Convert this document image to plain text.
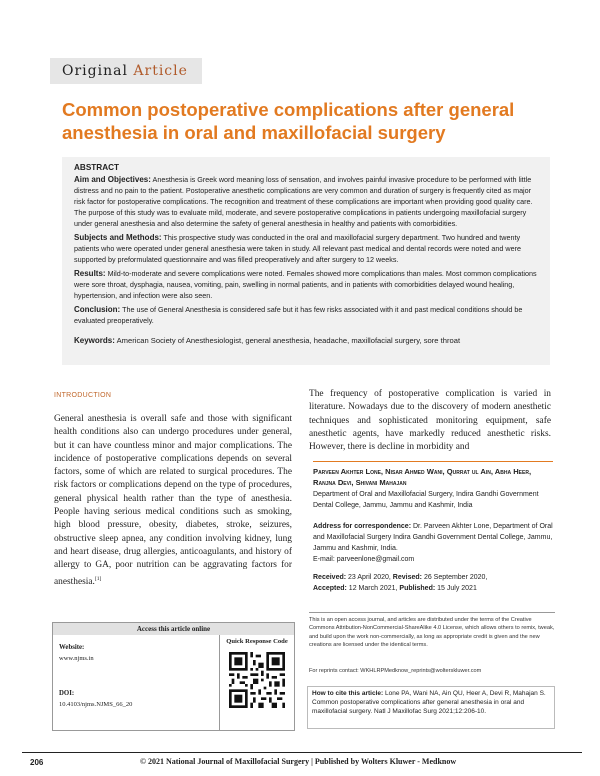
Original Article
Common postoperative complications after general anesthesia in oral and maxillofacial surgery
ABSTRACT

Aim and Objectives: Anesthesia is Greek word meaning loss of sensation, and involves painful invasive procedure to be performed with little distress and no pain to the patient. Postoperative anesthetic complications are very common and duration of surgery is frequently cited as major risk factor for postoperative complications. The recognition and treatment of these complications are important when providing good quality care. The purpose of this study was to evaluate mild, moderate, and severe postoperative complications in patients undergoing maxillofacial surgery under general anesthesia and also determine the safety of general anesthesia in healthy and patients with comorbidities.

Subjects and Methods: This prospective study was conducted in the oral and maxillofacial surgery department. Two hundred and twenty patients who were operated under general anesthesia were taken in study. All relevant past medical and dental records were noted and were supported by preformulated questionnaire and was filled preoperatively and after surgery to 12 weeks.

Results: Mild-to-moderate and severe complications were noted. Females showed more complications than males. Most common complications were sore throat, dysphagia, nausea, vomiting, pain, swelling in normal patients, and in patients with comorbidities delayed wound healing, hypertension, and infection were also seen.

Conclusion: The use of General Anesthesia is considered safe but it has few risks associated with it and past medical conditions should be evaluated preoperatively.

Keywords: American Society of Anesthesiologist, general anesthesia, headache, maxillofacial surgery, sore throat

INTRODUCTION

General anesthesia is overall safe and those with significant health conditions also can undergo procedures under general, but it can have countless minor and major complications. The incidence of postoperative complications depends on several factors, some of which are related to surgical procedures. The risk factors or complications depend on the type of procedures, general physical health rather than the type of anesthesia. People having serious medical conditions such as smoking, high blood pressure, obesity, diabetes, stroke, seizures, obstructive sleep apnea, any condition involving kidney, lung and heart disease, drug allergies, anticoagulants, and history of allergy to GA, poor nutrition can be aggravating factors for anesthesia.[1]

The frequency of postoperative complication is varied in literature. Nowadays due to the discovery of modern anesthetic techniques and sophisticated monitoring equipment, safe anesthetic agents, have markedly reduced anesthetic risks. However, there is decline in morbidity and

Parveen Akhter Lone, Nisar Ahmed Wani, Qurrat ul Ain, Abha Heer, Ranjna Devi, Shivani Mahajan
Department of Oral and Maxillofacial Surgery, Indira Gandhi Government Dental College, Jammu, Jammu and Kashmir, India
Address for correspondence: Dr. Parveen Akhter Lone, Department of Oral and Maxillofacial Surgery Indira Gandhi Government Dental College, Jammu, Jammu and Kashmir, India.
E-mail: parveenlone@gmail.com
Received: 23 April 2020, Revised: 26 September 2020,
Accepted: 12 March 2021, Published: 15 July 2021
This is an open access journal, and articles are distributed under the terms of the Creative Commons Attribution-NonCommercial-ShareAlike 4.0 License, which allows others to remix, tweak, and build upon the work non-commercially, as long as appropriate credit is given and the new creations are licensed under the identical terms.
For reprints contact: WKHLRPMedknow_reprints@wolterskluwer.com
How to cite this article: Lone PA, Wani NA, Ain QU, Heer A, Devi R, Mahajan S. Common postoperative complications after general anesthesia in oral and maxillofacial surgery. Natl J Maxillofac Surg 2021;12:206-10.
Access this article online
Website:
www.njms.in
DOI:
10.4103/njms.NJMS_66_20
Quick Response Code
206	© 2021 National Journal of Maxillofacial Surgery | Published by Wolters Kluwer - Medknow
